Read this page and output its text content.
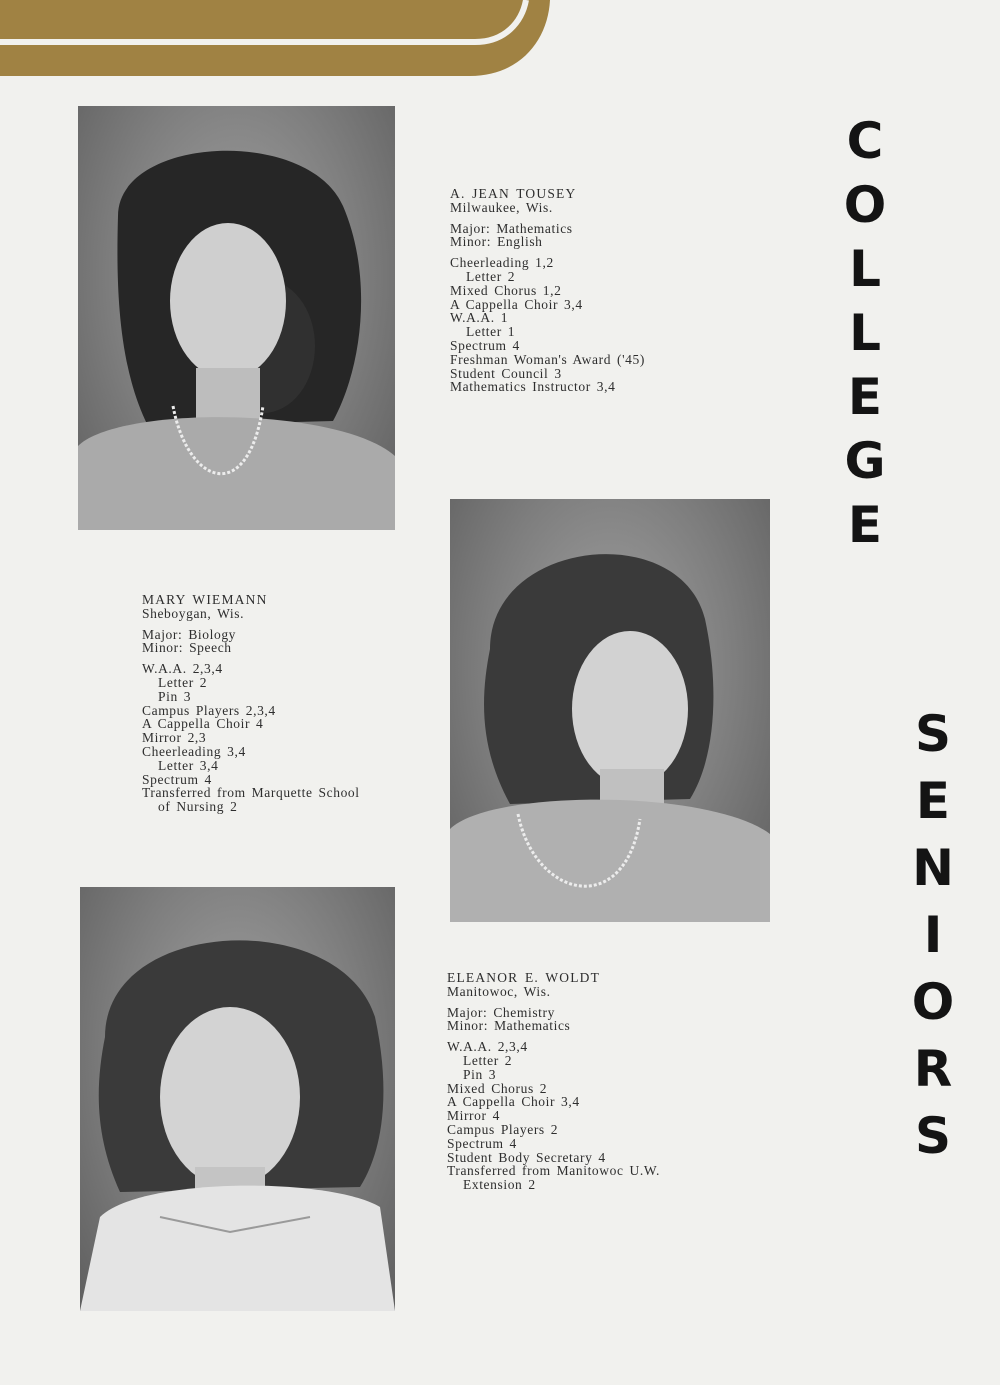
A. JEAN TOUSEY
Milwaukee, Wis.
Major: Mathematics
Minor: English
Cheerleading 1,2
Letter 2
Mixed Chorus 1,2
A Cappella Choir 3,4
W.A.A. 1
Letter 1
Spectrum 4
Freshman Woman's Award ('45)
Student Council 3
Mathematics Instructor 3,4
MARY WIEMANN
Sheboygan, Wis.
Major: Biology
Minor: Speech
W.A.A. 2,3,4
Letter 2
Pin 3
Campus Players 2,3,4
A Cappella Choir 4
Mirror 2,3
Cheerleading 3,4
Letter 3,4
Spectrum 4
Transferred from Marquette School
of Nursing 2
ELEANOR E. WOLDT
Manitowoc, Wis.
Major: Chemistry
Minor: Mathematics
W.A.A. 2,3,4
Letter 2
Pin 3
Mixed Chorus 2
A Cappella Choir 3,4
Mirror 4
Campus Players 2
Spectrum 4
Student Body Secretary 4
Transferred from Manitowoc U.W.
Extension 2
C
O
L
L
E
G
E
S
E
N
I
O
R
S
